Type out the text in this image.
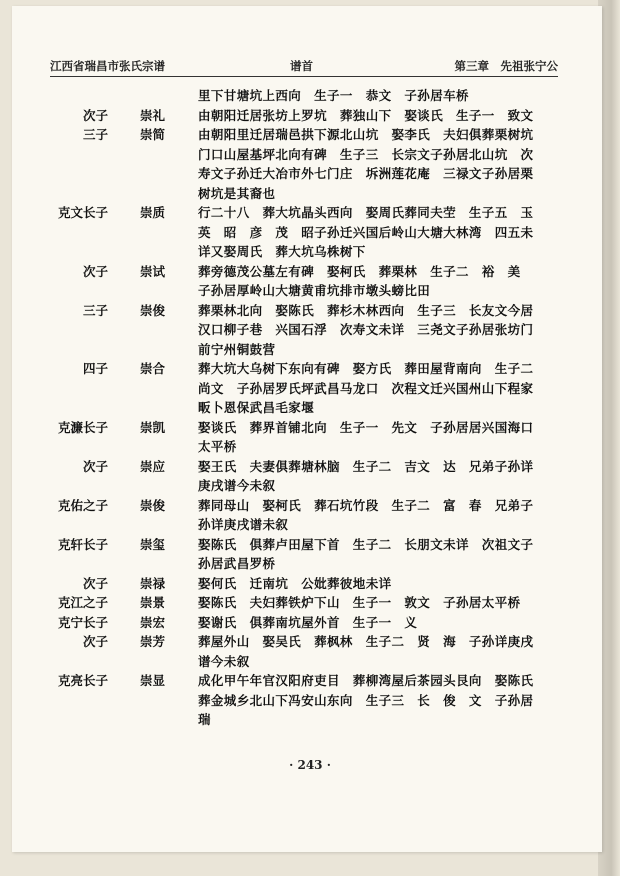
江西省瑞昌市张氏宗谱	谱首	第三章　先祖张宁公
里下甘塘坑上西向　生子一　恭文　子孙居车桥
次子	崇礼	由朝阳迁居张坊上罗坑　葬独山下　娶谈氏　生子一　致文
三子	崇简	由朝阳里迁居瑞邑拱下源北山坑　娶李氏　夫妇俱葬栗树坑门口山屋基坪北向有碑　生子三　长宗文子孙居北山坑　次寿文子孙迁大冶市外七门庄　坼洲莲花庵　三禄文子孙居栗树坑是其裔也
克文长子	崇质	行二十八　葬大坑晶头西向　娶周氏葬同夫茔　生子五　玉英　昭　彦　茂　昭子孙迁兴国后岭山大塘大林湾　四五未详又娶周氏　葬大坑乌株树下
次子	崇试	葬旁德茂公墓左有碑　娶柯氏　葬栗林　生子二　裕　美　子孙居厚岭山大塘黄甫坑排市墩头螃比田
三子	崇俊	葬栗林北向　娶陈氏　葬杉木林西向　生子三　长友文今居汉口柳子巷　兴国石浮　次寿文未详　三尧文子孙居张坊门前宁州铜鼓营
四子	崇合	葬大坑大乌树下东向有碑　娶方氏　葬田屋背南向　生子二　尚文　子孙居罗氏坪武昌马龙口　次程文迁兴国州山下程家畈卜恩保武昌毛家堰
克濂长子	崇凯	娶谈氏　葬界首铺北向　生子一　先文　子孙居居兴国海口太平桥
次子	崇应	娶王氏　夫妻俱葬塘林脑　生子二　吉文　达　兄弟子孙详庚戌谱今未叙
克佑之子	崇俊	葬同母山　娶柯氏　葬石坑竹段　生子二　富　春　兄弟子孙详庚戌谱未叙
克轩长子	崇玺	娶陈氏　俱葬卢田屋下首　生子二　长朋文未详　次祖文子孙居武昌罗桥
次子	崇禄	娶何氏　迁南坑　公妣葬彼地未详
克江之子	崇景	娶陈氏　夫妇葬铁炉下山　生子一　敦文　子孙居太平桥
克宁长子	崇宏	娶谢氏　俱葬南坑屋外首　生子一　义
次子	崇芳	葬屋外山　娶吴氏　葬枫林　生子二　贤　海　子孙详庚戌谱今未叙
克亮长子	崇显	成化甲午年官汉阳府吏目　葬柳湾屋后茶园头艮向　娶陈氏葬金城乡北山下冯安山东向　生子三　长　俊　文　子孙居瑞
· 243 ·
